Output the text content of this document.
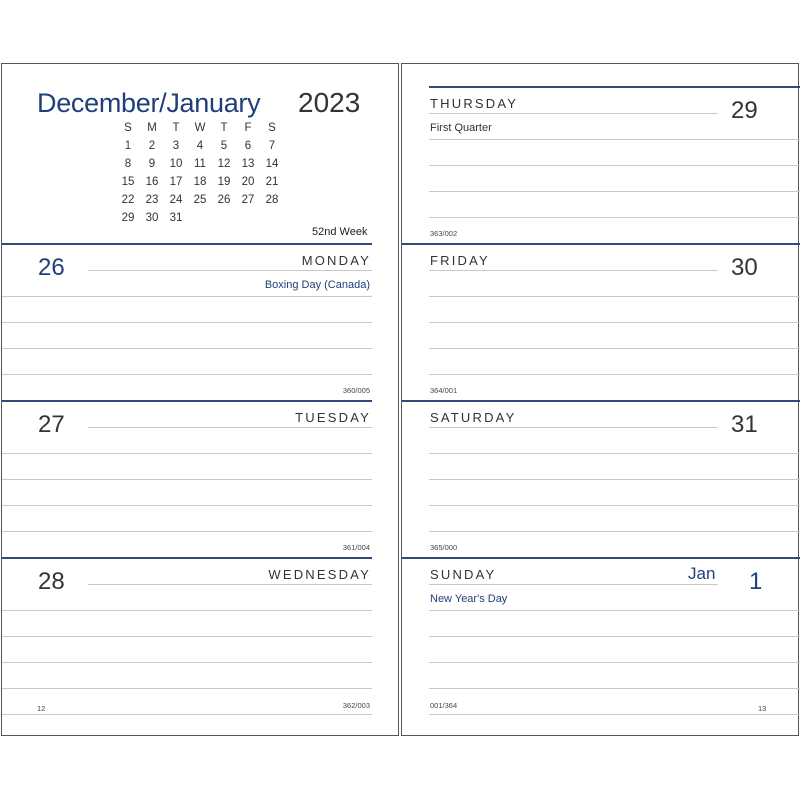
December/January 2023
S	M	T	W	T	F	S
1	2	3	4	5	6	7
8	9	10	11	12 13 14
15 16 17 18 19 20 21
22 23 24 25 26 27 28
29 30 31
52nd Week
26	MONDAY
Boxing Day (Canada)
360/005
27	TUESDAY
361/004
28	WEDNESDAY
362/003
12
THURSDAY	29
First Quarter
363/002
FRIDAY	30
364/001
SATURDAY	31
365/000
SUNDAY	Jan 1
New Year's Day
001/364	13
